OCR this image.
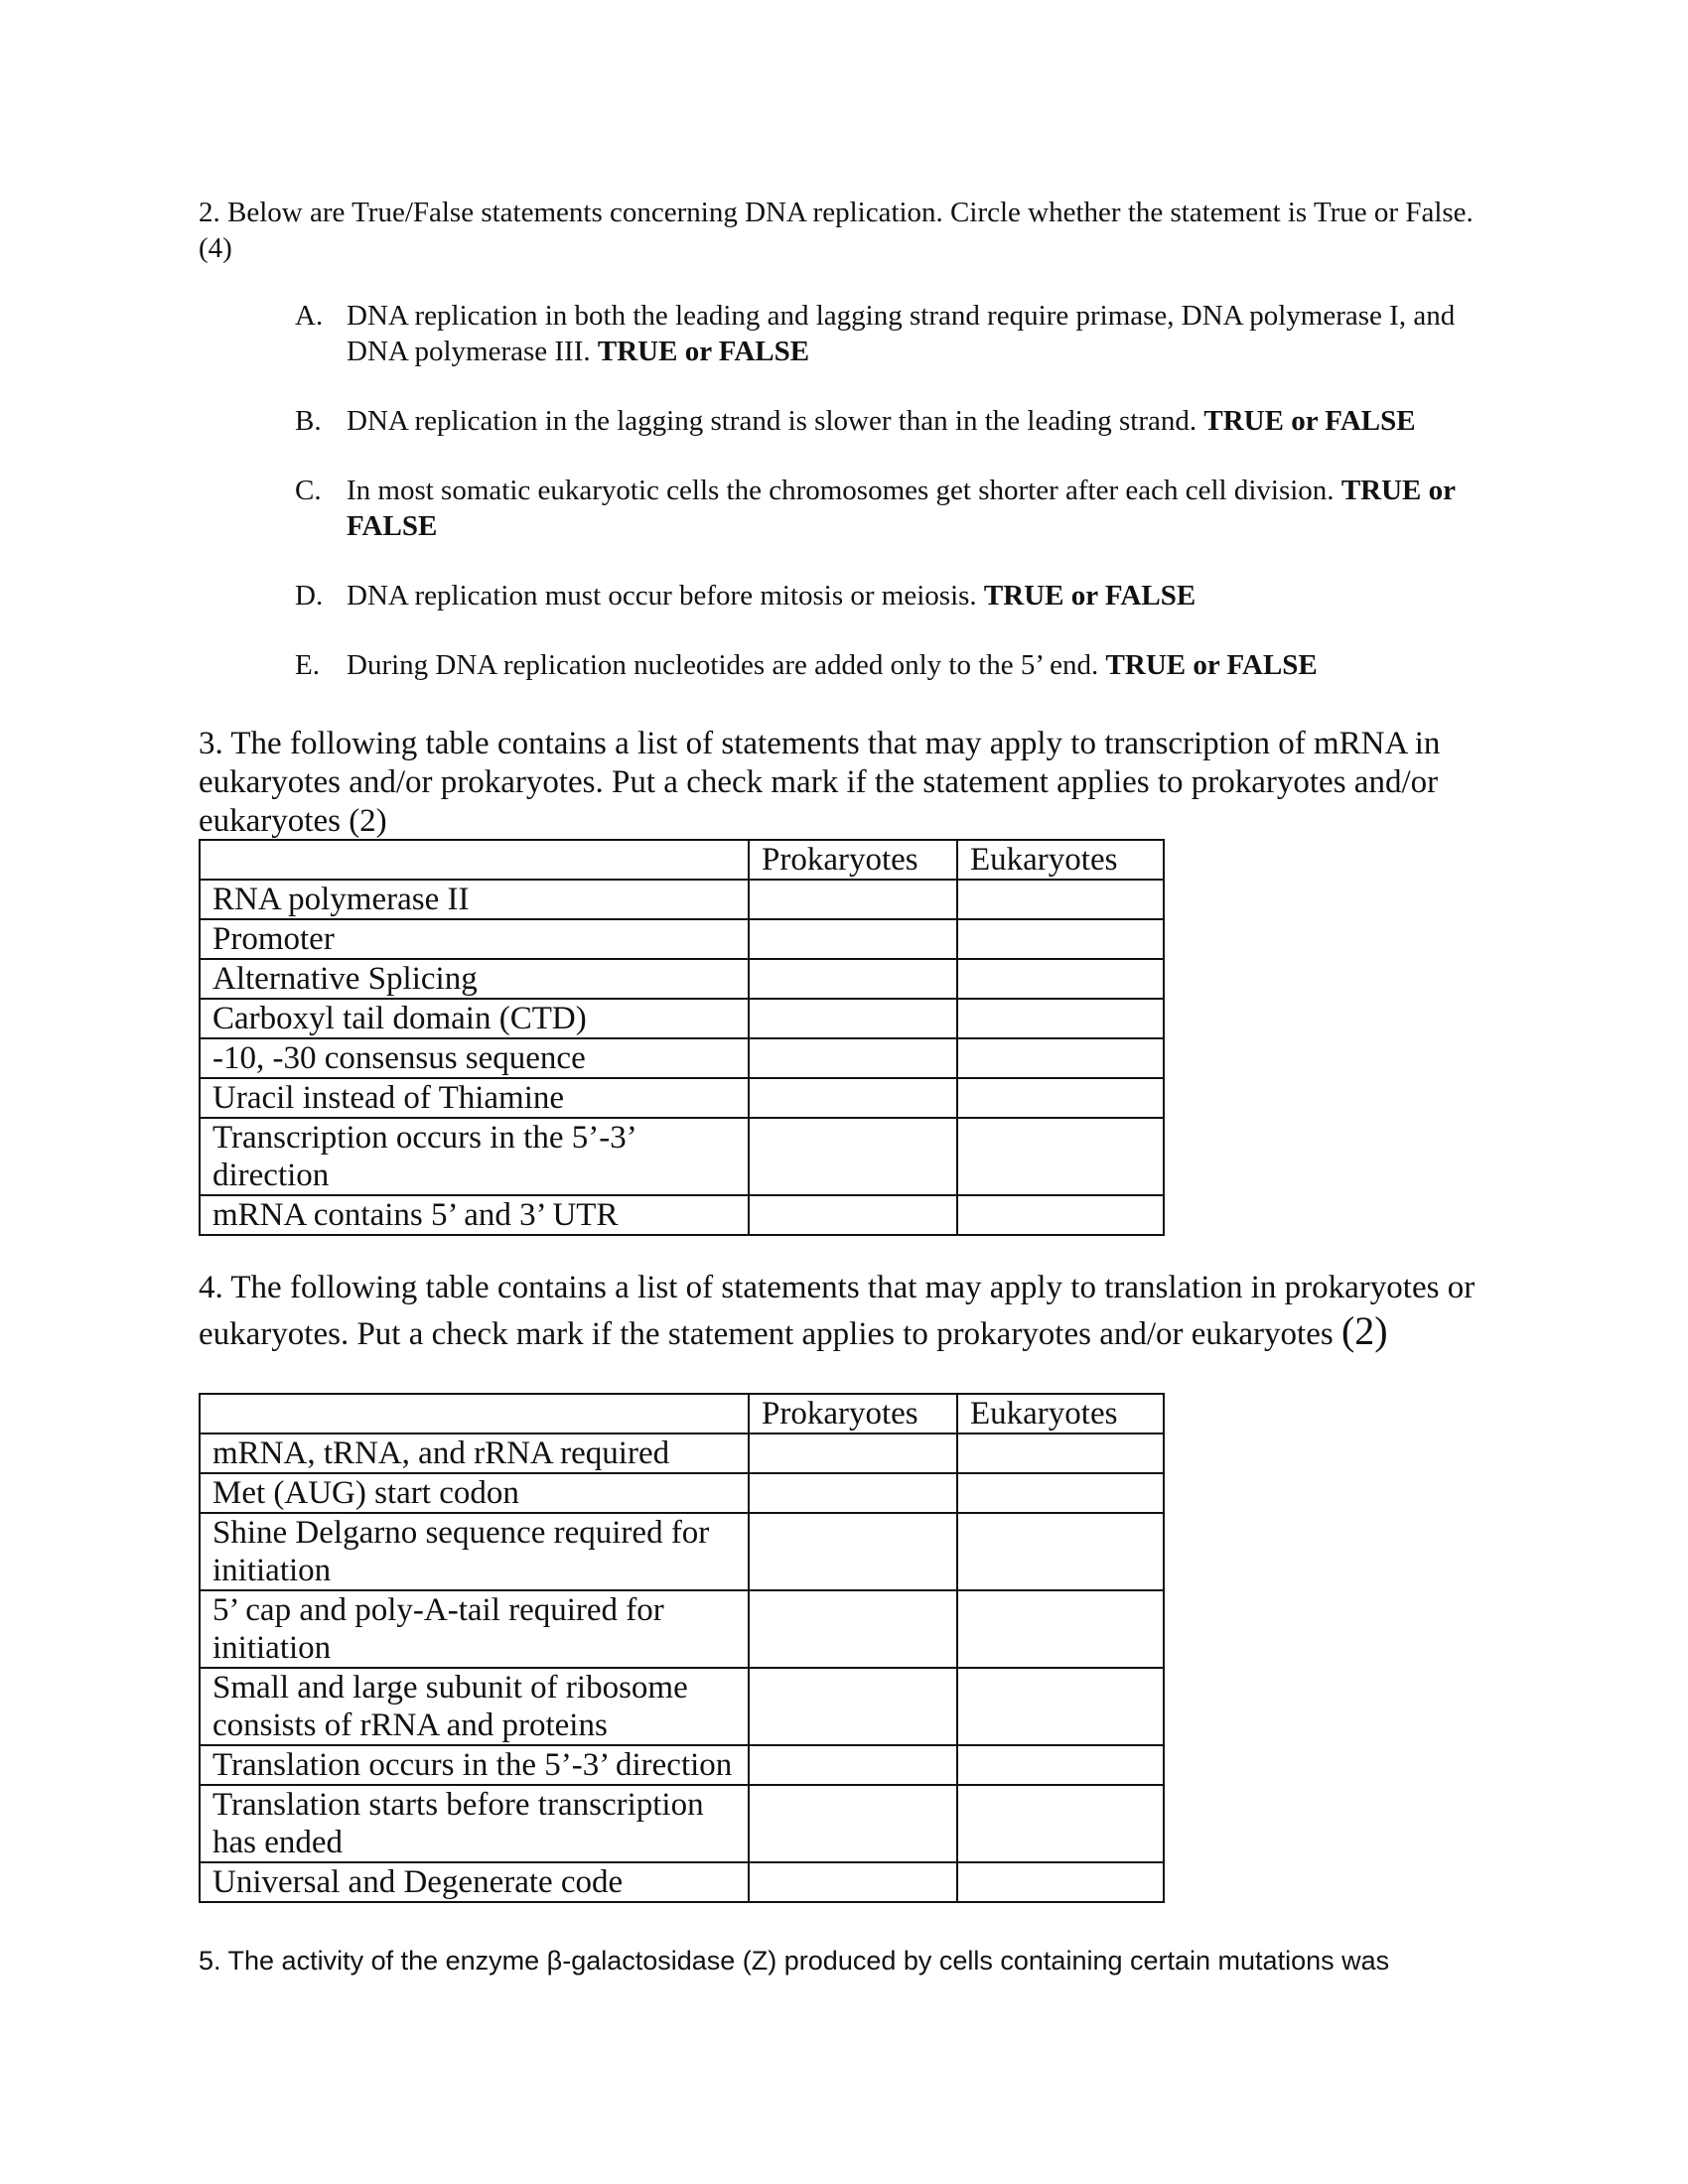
2. Below are True/False statements concerning DNA replication. Circle whether the statement is True or False.(4)
A. DNA replication in both the leading and lagging strand require primase, DNA polymerase I, and DNA polymerase III. TRUE or FALSE
B. DNA replication in the lagging strand is slower than in the leading strand. TRUE or FALSE
C. In most somatic eukaryotic cells the chromosomes get shorter after each cell division. TRUE or FALSE
D. DNA replication must occur before mitosis or meiosis. TRUE or FALSE
E. During DNA replication nucleotides are added only to the 5’ end. TRUE or FALSE
3. The following table contains a list of statements that may apply to transcription of mRNA in eukaryotes and/or prokaryotes. Put a check mark if the statement applies to prokaryotes and/or eukaryotes (2)
	Prokaryotes	Eukaryotes
RNA polymerase II		
Promoter		
Alternative Splicing		
Carboxyl tail domain (CTD)		
-10, -30 consensus sequence		
Uracil instead of Thiamine		
Transcription occurs in the 5’-3’ direction		
mRNA contains 5’ and 3’ UTR		
4. The following table contains a list of statements that may apply to translation in prokaryotes or eukaryotes. Put a check mark if the statement applies to prokaryotes and/or eukaryotes (2)
	Prokaryotes	Eukaryotes
mRNA, tRNA, and rRNA required		
Met (AUG) start codon		
Shine Delgarno sequence required for initiation		
5’ cap and poly-A-tail required for initiation		
Small and large subunit of ribosome consists of rRNA and proteins		
Translation occurs in the 5’-3’ direction		
Translation starts before transcription has ended		
Universal and Degenerate code		
5. The activity of the enzyme β-galactosidase (Z) produced by cells containing certain mutations was
